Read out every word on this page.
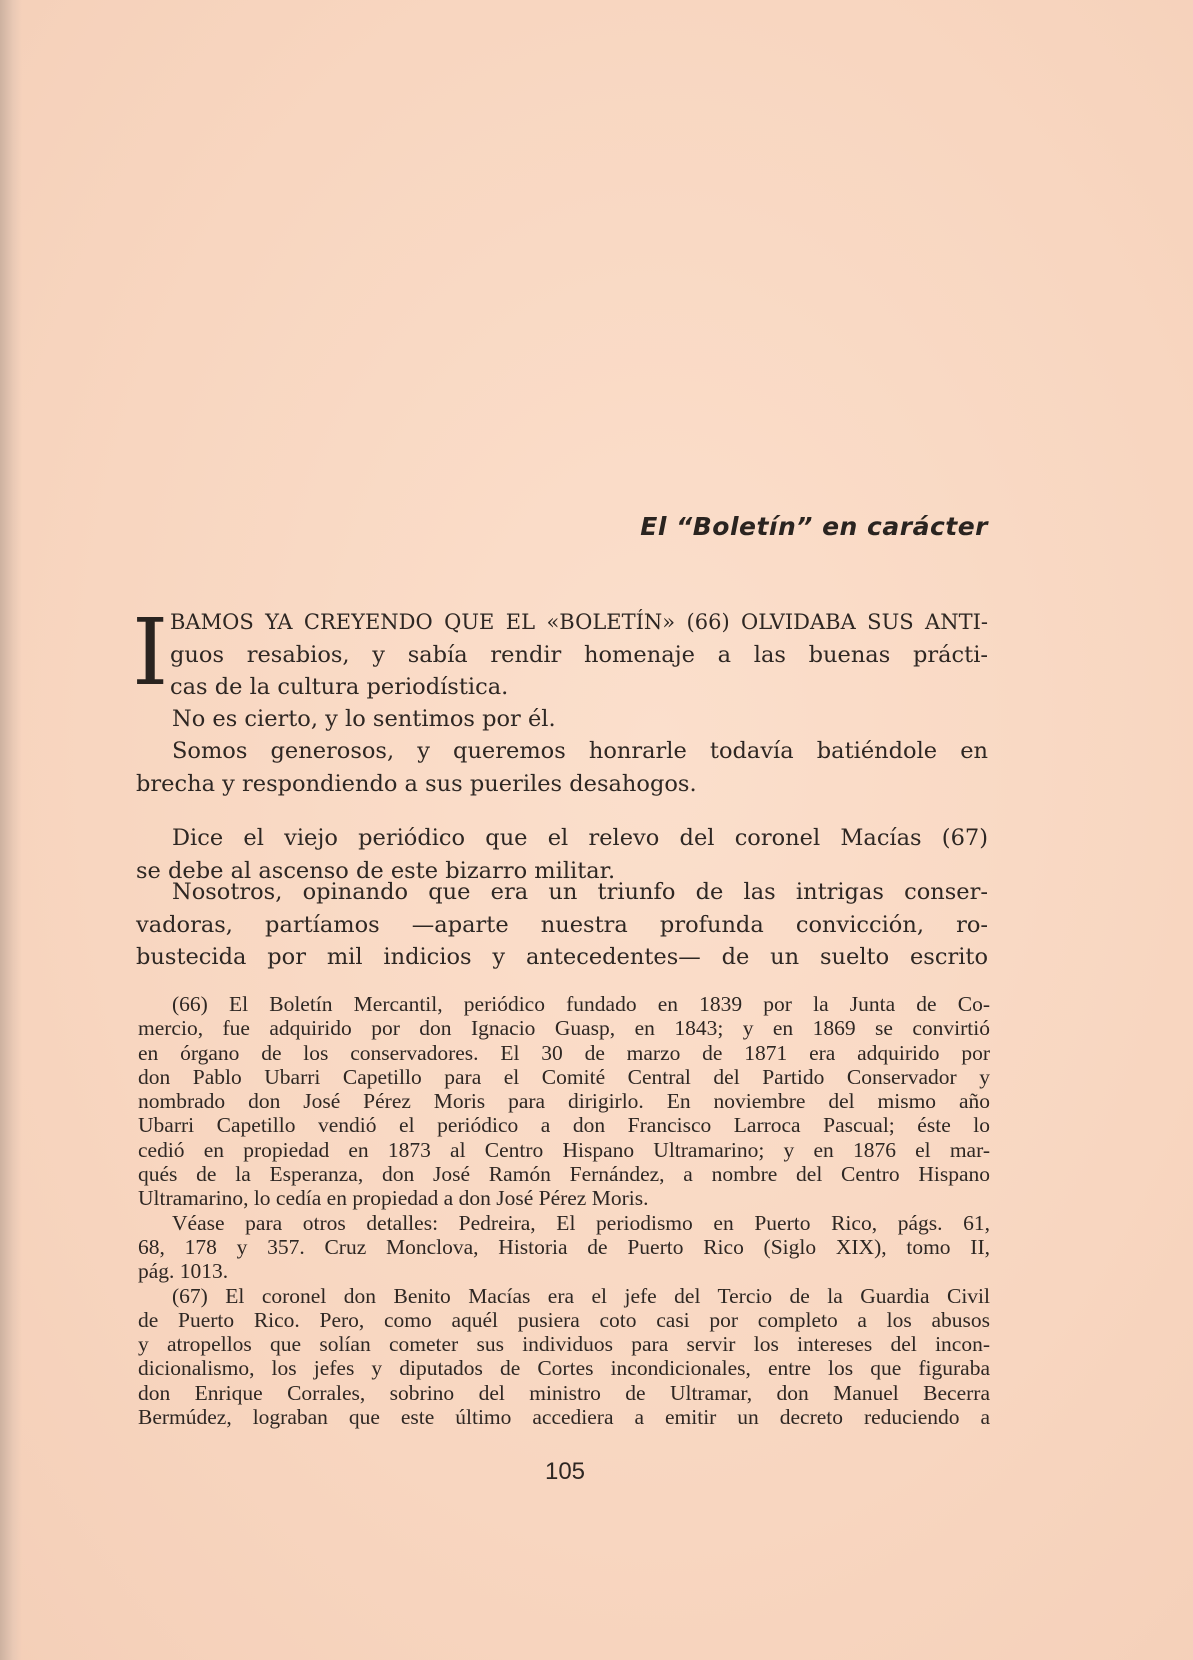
El “Boletín” en carácter
I BAMOS YA CREYENDO QUE EL «BOLETÍN» (66) OLVIDABA SUS ANTI-
guos resabios, y sabía rendir homenaje a las buenas prácti-
cas de la cultura periodística.

No es cierto, y lo sentimos por él.

Somos generosos, y queremos honrarle todavía batiéndole en
brecha y respondiendo a sus pueriles desahogos.

Dice el viejo periódico que el relevo del coronel Macías (67)
se debe al ascenso de este bizarro militar.

Nosotros, opinando que era un triunfo de las intrigas conser-
vadoras, partíamos —aparte nuestra profunda convicción, ro-
bustecida por mil indicios y antecedentes— de un suelto escrito

(66) El Boletín Mercantil, periódico fundado en 1839 por la Junta de Co-
mercio, fue adquirido por don Ignacio Guasp, en 1843; y en 1869 se convirtió
en órgano de los conservadores. El 30 de marzo de 1871 era adquirido por
don Pablo Ubarri Capetillo para el Comité Central del Partido Conservador y
nombrado don José Pérez Moris para dirigirlo. En noviembre del mismo año
Ubarri Capetillo vendió el periódico a don Francisco Larroca Pascual; éste lo
cedió en propiedad en 1873 al Centro Hispano Ultramarino; y en 1876 el mar-
qués de la Esperanza, don José Ramón Fernández, a nombre del Centro Hispano
Ultramarino, lo cedía en propiedad a don José Pérez Moris.
Véase para otros detalles: Pedreira, El periodismo en Puerto Rico, págs. 61,
68, 178 y 357. Cruz Monclova, Historia de Puerto Rico (Siglo XIX), tomo II,
pág. 1013.
(67) El coronel don Benito Macías era el jefe del Tercio de la Guardia Civil
de Puerto Rico. Pero, como aquél pusiera coto casi por completo a los abusos
y atropellos que solían cometer sus individuos para servir los intereses del incon-
dicionalismo, los jefes y diputados de Cortes incondicionales, entre los que figuraba
don Enrique Corrales, sobrino del ministro de Ultramar, don Manuel Becerra
Bermúdez, lograban que este último accediera a emitir un decreto reduciendo a
105
